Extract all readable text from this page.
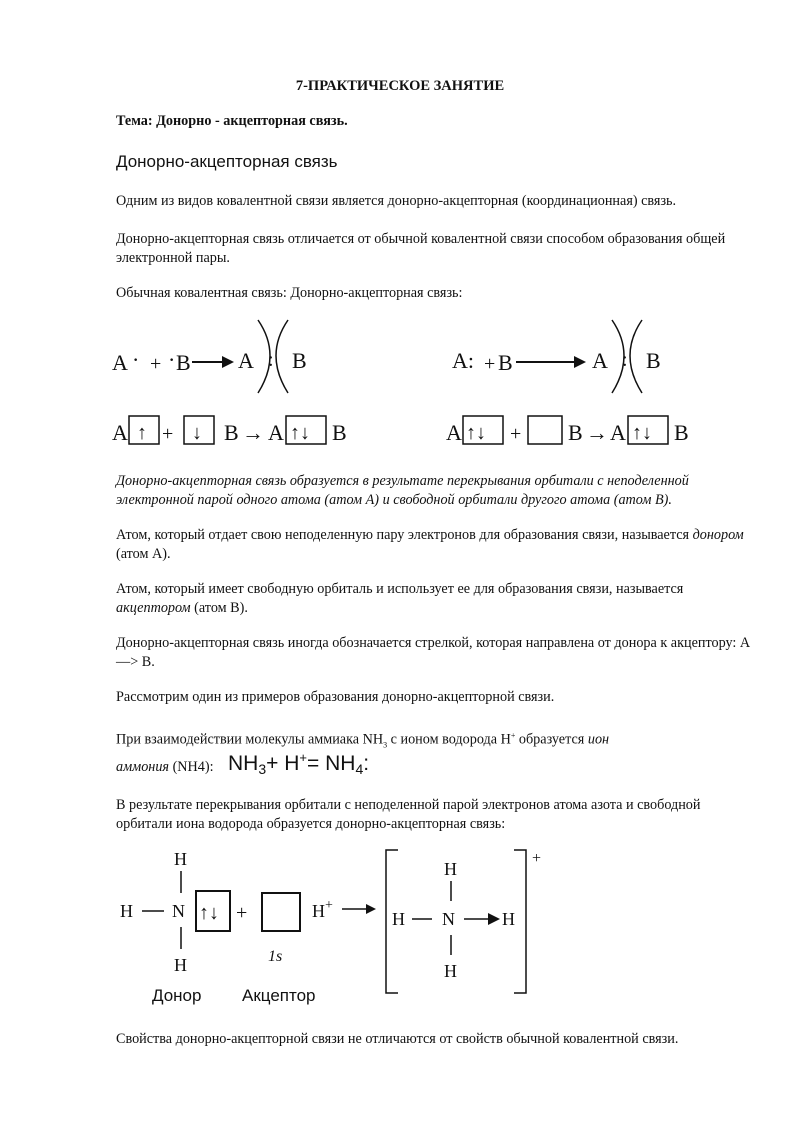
7-ПРАКТИЧЕСКОЕ ЗАНЯТИЕ

Тема: Донорно - акцепторная связь.

Донорно-акцепторная связь

Одним из видов ковалентной связи является донорно-акцепторная (координационная) связь.

Донорно-акцепторная связь отличается от обычной ковалентной связи способом образования общей электронной пары.

Обычная ковалентная связь: Донорно-акцепторная связь:

A · + · B A : B	A: + B	A : B
A ↑ + ↓ B → A ↑↓ B	A ↑↓ + B → A ↑↓ B

Донорно-акцепторная связь образуется в результате перекрывания орбитали с неподеленной электронной парой одного атома (атом А) и свободной орбитали другого атома (атом В).

Атом, который отдает свою неподеленную пару электронов для образования связи, называется донором (атом А).

Атом, который имеет свободную орбиталь и использует ее для образования связи, называется акцептором (атом В).

Донорно-акцепторная связь иногда обозначается стрелкой, которая направлена от донора к акцептору: А —> В.

Рассмотрим один из примеров образования донорно-акцепторной связи.

При взаимодействии молекулы аммиака $NH_3$ с ионом водорода H+ образуется ион

аммония (NH4): NH3+ H+= NH4:

В результате перекрывания орбитали с неподеленной парой электронов атома азота и свободной орбитали иона водорода образуется донорно-акцепторная связь:

H
H N
H
↑↓ +
1s
H+
Донор Акцептор
+
H
H N	H
H

Свойства донорно-акцепторной связи не отличаются от свойств обычной ковалентной связи.
